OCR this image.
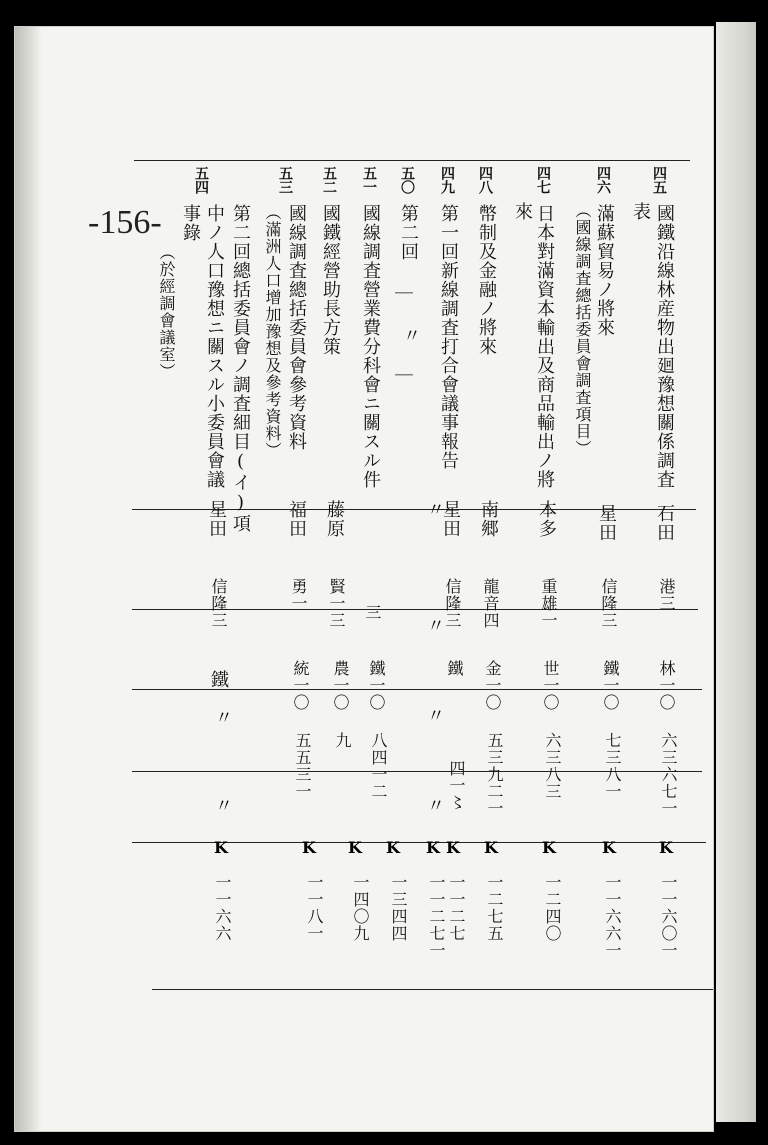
-156-
四五
國鐵沿線林産物出廻豫想關係調査
表
石田
港三
林一〇
六三六七一
K
一一六〇一
四六
滿蘇貿易ノ將來
（國線調査總括委員會調査項目）
星田
信隆三
鐵一〇
七三八一
K
一一六六一
四七
日本對滿資本輸出及商品輸出ノ將
來
本多
重雄一
世一〇
六三八三
K
一二四〇
四八
幣制及金融ノ將來
南郷
龍音四
金一〇
五三九二一
K
一二七五
四九
第一回新線調査打合會議事報告
星田
信隆三
鐵
四一〻
K
一一二七
五〇
第二回
｜
〃
｜
〃
〃
〃
〃
K
一一二七一
五一
國線調査營業費分科會ニ關スル件
三
鐵一〇
八四一二
K
一三四四
五二
國鐵經營助長方策
藤原
賢一三
農一〇
九
K
一四〇九
五三
國線調査總括委員會參考資料
（滿洲人口增加豫想及參考資料）
福田
勇一
統一〇
五五三一
K
一一八一
五四
第二回總括委員會ノ調査細目(イ)項
中ノ人口豫想ニ關スル小委員會議
事錄
（於經調會議室）
星田
信隆三
鐵
〃
〃
K
一一六六
